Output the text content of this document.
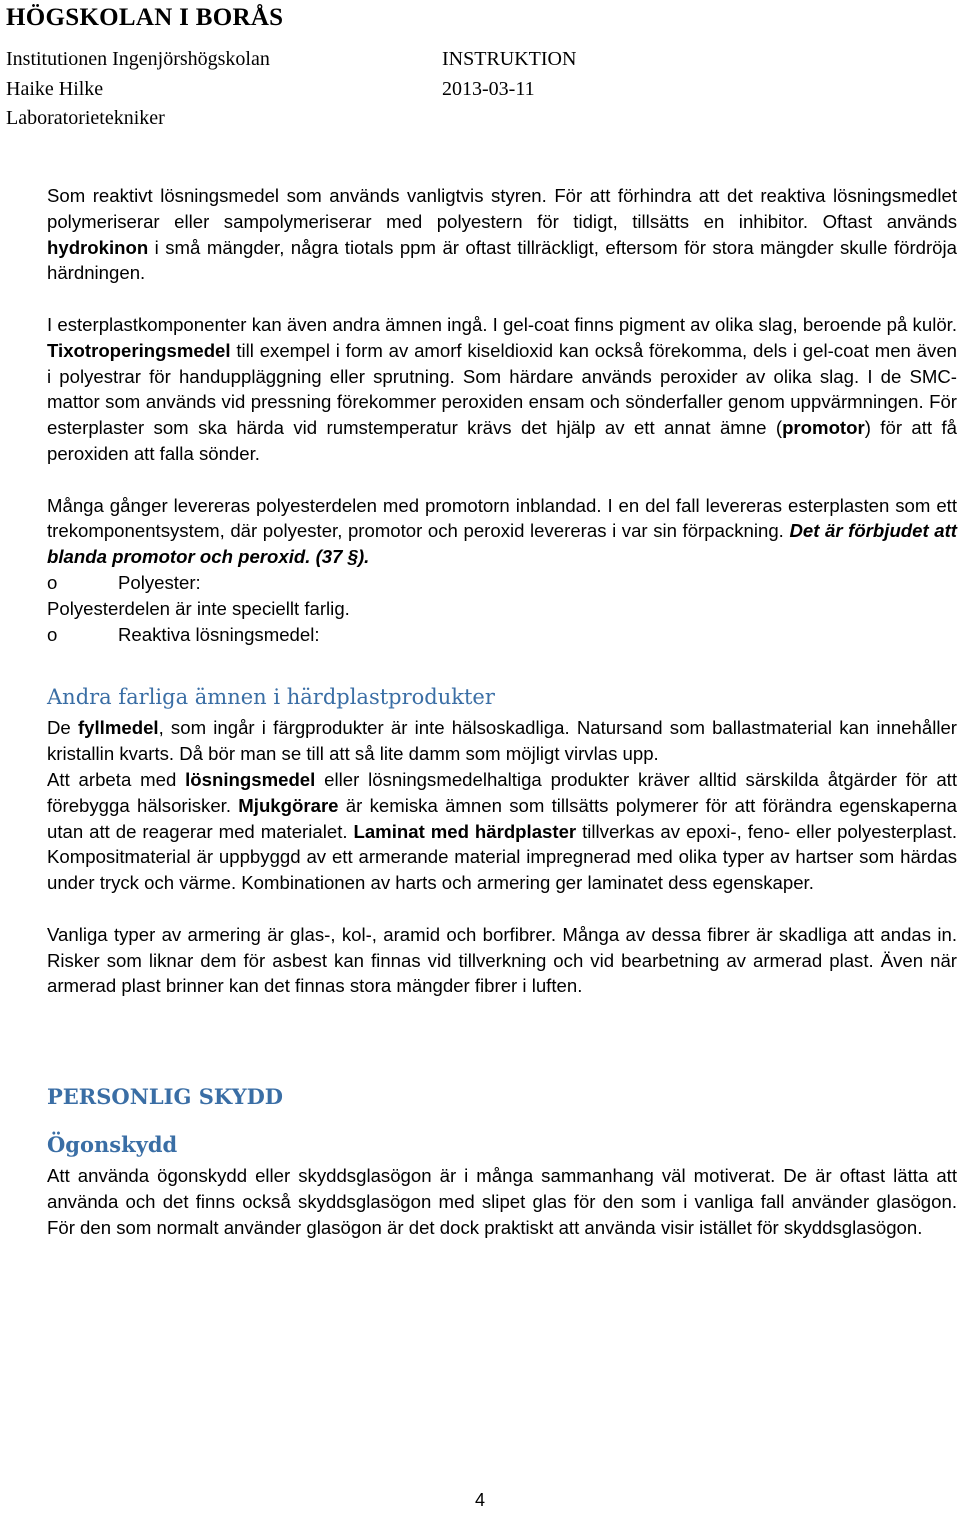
HÖGSKOLAN I BORÅS
Institutionen Ingenjörshögskolan
Haike Hilke
Laboratorietekniker
INSTRUKTION
2013-03-11

Som reaktivt lösningsmedel som används vanligtvis styren. För att förhindra att det reaktiva lösningsmedlet polymeriserar eller sampolymeriserar med polyestern för tidigt, tillsätts en inhibitor. Oftast används hydrokinon i små mängder, några tiotals ppm är oftast tillräckligt, eftersom för stora mängder skulle fördröja härdningen.

I esterplastkomponenter kan även andra ämnen ingå. I gel-coat finns pigment av olika slag, beroende på kulör. Tixotroperingsmedel till exempel i form av amorf kiseldioxid kan också förekomma, dels i gel-coat men även i polyestrar för handuppläggning eller sprutning. Som härdare används peroxider av olika slag. I de SMC-mattor som används vid pressning förekommer peroxiden ensam och sönderfaller genom uppvärmningen. För esterplaster som ska härda vid rumstemperatur krävs det hjälp av ett annat ämne (promotor) för att få peroxiden att falla sönder.

Många gånger levereras polyesterdelen med promotorn inblandad. I en del fall levereras esterplasten som ett trekomponentsystem, där polyester, promotor och peroxid levereras i var sin förpackning. Det är förbjudet att blanda promotor och peroxid. (37 §).

o	Polyester:

Polyesterdelen är inte speciellt farlig.

o	Reaktiva lösningsmedel:
Andra farliga ämnen i härdplastprodukter

De fyllmedel, som ingår i färgprodukter är inte hälsoskadliga. Natursand som ballastmaterial kan innehåller kristallin kvarts. Då bör man se till att så lite damm som möjligt virvlas upp.

Att arbeta med lösningsmedel eller lösningsmedelhaltiga produkter kräver alltid särskilda åtgärder för att förebygga hälsorisker. Mjukgörare är kemiska ämnen som tillsätts polymerer för att förändra egenskaperna utan att de reagerar med materialet. Laminat med härdplaster tillverkas av epoxi-, feno- eller polyesterplast. Kompositmaterial är uppbyggd av ett armerande material impregnerad med olika typer av hartser som härdas under tryck och värme. Kombinationen av harts och armering ger laminatet dess egenskaper.

Vanliga typer av armering är glas-, kol-, aramid och borfibrer. Många av dessa fibrer är skadliga att andas in. Risker som liknar dem för asbest kan finnas vid tillverkning och vid bearbetning av armerad plast. Även när armerad plast brinner kan det finnas stora mängder fibrer i luften.

PERSONLIG SKYDD
Ögonskydd

Att använda ögonskydd eller skyddsglasögon är i många sammanhang väl motiverat. De är oftast lätta att använda och det finns också skyddsglasögon med slipet glas för den som i vanliga fall använder glasögon. För den som normalt använder glasögon är det dock praktiskt att använda visir istället för skyddsglasögon.

4
